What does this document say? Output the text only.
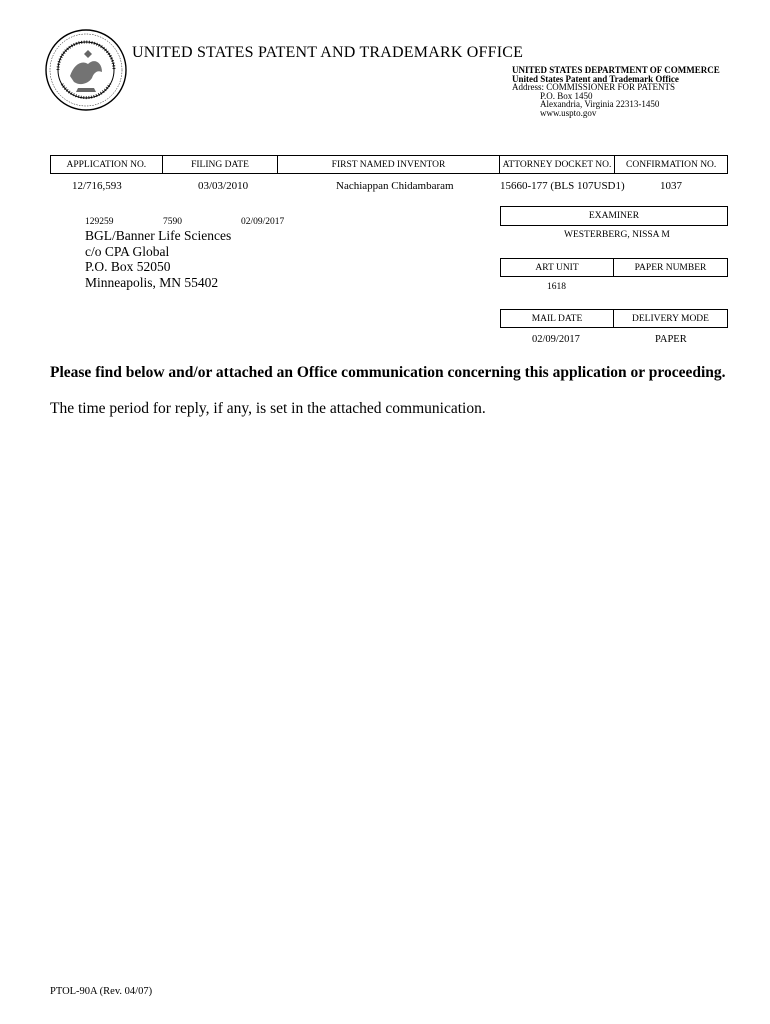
UNITED STATES PATENT AND TRADEMARK OFFICE
UNITED STATES DEPARTMENT OF COMMERCE
United States Patent and Trademark Office
Address: COMMISSIONER FOR PATENTS
P.O. Box 1450
Alexandria, Virginia 22313-1450
www.uspto.gov
APPLICATION NO.	FILING DATE	FIRST NAMED INVENTOR	ATTORNEY DOCKET NO.	CONFIRMATION NO.
12/716,593	03/03/2010	Nachiappan Chidambaram	15660-177 (BLS 107USD1)	1037
129259	7590	02/09/2017
BGL/Banner Life Sciences
c/o CPA Global
P.O. Box 52050
Minneapolis, MN 55402
EXAMINER
WESTERBERG, NISSA M
ART UNIT	PAPER NUMBER
1618
MAIL DATE	DELIVERY MODE
02/09/2017	PAPER
Please find below and/or attached an Office communication concerning this application or proceeding.
The time period for reply, if any, is set in the attached communication.
PTOL-90A (Rev. 04/07)
